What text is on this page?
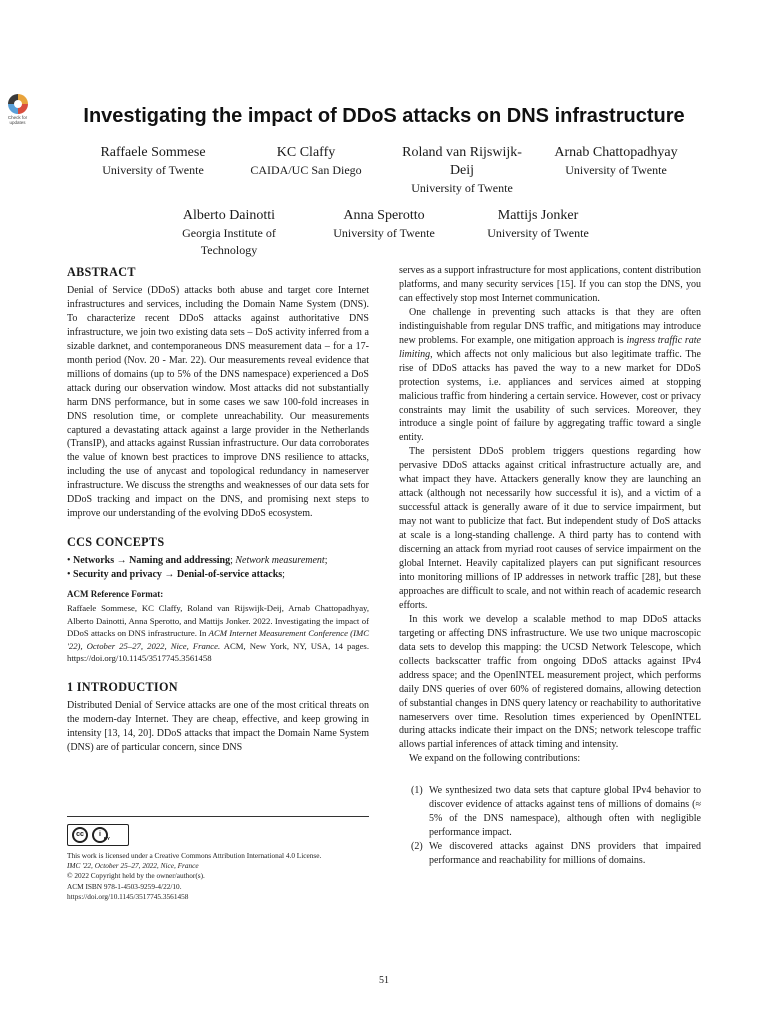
Check for updates	Investigating the impact of DDoS attacks on DNS infrastructure
Raffaele Sommese
University of Twente
KC Claffy
CAIDA/UC San Diego
Roland van Rijswijk-Deij
University of Twente
Arnab Chattopadhyay
University of Twente
Alberto Dainotti
Georgia Institute of Technology
Anna Sperotto
University of Twente
Mattijs Jonker
University of Twente
ABSTRACT

Denial of Service (DDoS) attacks both abuse and target core Internet infrastructures and services, including the Domain Name System (DNS). To characterize recent DDoS attacks against authoritative DNS infrastructure, we join two existing data sets – DoS activity inferred from a sizable darknet, and contemporaneous DNS measurement data – for a 17-month period (Nov. 20 - Mar. 22). Our measurements reveal evidence that millions of domains (up to 5% of the DNS namespace) experienced a DoS attack during our observation window. Most attacks did not substantially harm DNS performance, but in some cases we saw 100-fold increases in DNS resolution time, or complete unreachability. Our measurements captured a devastating attack against a large provider in the Netherlands (TransIP), and attacks against Russian infrastructure. Our data corroborates the value of known best practices to improve DNS resilience to attacks, including the use of anycast and topological redundancy in nameserver infrastructure. We discuss the strengths and weaknesses of our data sets for DDoS tracking and impact on the DNS, and promising next steps to improve our understanding of the evolving DDoS ecosystem.

CCS CONCEPTS
• Networks → Naming and addressing; Network measurement;
• Security and privacy → Denial-of-service attacks;
ACM Reference Format:
Raffaele Sommese, KC Claffy, Roland van Rijswijk-Deij, Arnab Chattopadhyay, Alberto Dainotti, Anna Sperotto, and Mattijs Jonker. 2022. Investigating the impact of DDoS attacks on DNS infrastructure. In ACM Internet Measurement Conference (IMC '22), October 25–27, 2022, Nice, France. ACM, New York, NY, USA, 14 pages. https://doi.org/10.1145/3517745.3561458
1 INTRODUCTION

Distributed Denial of Service attacks are one of the most critical threats on the modern-day Internet. They are cheap, effective, and keep growing in intensity [13, 14, 20]. DDoS attacks that impact the Domain Name System (DNS) are of particular concern, since DNS

cc	i
BY
This work is licensed under a Creative Commons Attribution International 4.0 License.
IMC '22, October 25–27, 2022, Nice, France
© 2022 Copyright held by the owner/author(s).
ACM ISBN 978-1-4503-9259-4/22/10.
https://doi.org/10.1145/3517745.3561458

serves as a support infrastructure for most applications, content distribution platforms, and many security services [15]. If you can stop the DNS, you can effectively stop most Internet communication.

One challenge in preventing such attacks is that they are often indistinguishable from regular DNS traffic, and mitigations may introduce new problems. For example, one mitigation approach is ingress traffic rate limiting, which affects not only malicious but also legitimate traffic. The rise of DDoS attacks has paved the way to a new market for DDoS protection systems, i.e. appliances and services aimed at stopping malicious traffic from hindering a certain service. However, cost or privacy constraints may limit the usability of such services. Moreover, they introduce a single point of failure by aggregating traffic toward a single entity.

The persistent DDoS problem triggers questions regarding how pervasive DDoS attacks against critical infrastructure actually are, and what impact they have. Attackers generally know they are launching an attack (although not necessarily how successful it is), and a victim of a successful attack is generally aware of it due to service impairment, but may not want to publicize that fact. But independent study of DoS attacks at scale is a long-standing challenge. A third party has to contend with discerning an attack from myriad root causes of service impairment on the global Internet. Heavily capitalized players can put significant resources into monitoring millions of IP addresses in network traffic [28], but these approaches are difficult to scale, and not within reach of academic research efforts.

In this work we develop a scalable method to map DDoS attacks targeting or affecting DNS infrastructure. We use two unique macroscopic data sets to develop this mapping: the UCSD Network Telescope, which collects backscatter traffic from ongoing DDoS attacks against IPv4 address space; and the OpenINTEL measurement project, which performs daily DNS queries of over 60% of registered domains, allowing detection of substantial changes in DNS query latency or reachability to authoritative nameservers over time. Resolution times experienced by OpenINTEL during attacks indicate their impact on the DNS; network telescope traffic allows partial inferences of attack timing and intensity.

We expand on the following contributions:

(1) We synthesized two data sets that capture global IPv4 behavior to discover evidence of attacks against tens of millions of domains (≈ 5% of the DNS namespace), although often with negligible performance impact.
(2) We discovered attacks against DNS providers that impaired performance and reachability for millions of domains.
51
